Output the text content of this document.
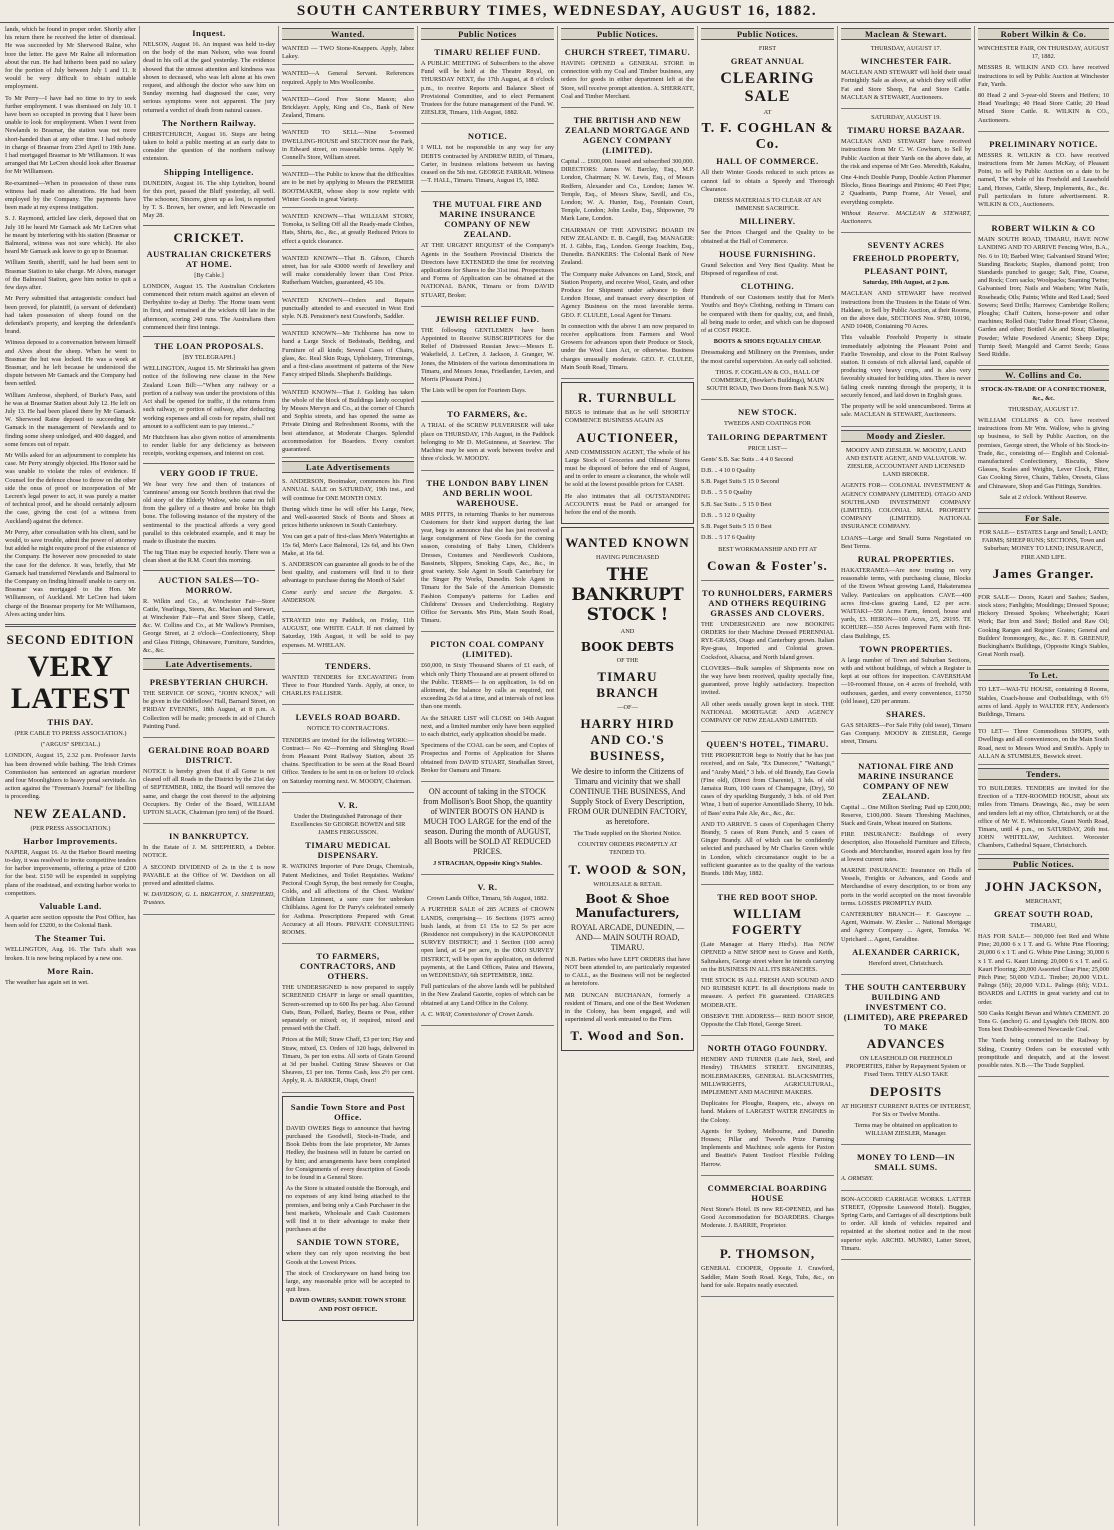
SOUTH CANTERBURY TIMES, WEDNESDAY, AUGUST 16, 1882.

lands, which he found in proper order. Shortly after his return there he received the letter of dismissal. He was succeeded by Mr Sherwood Ralne, who bore the letter. He gave Mr Ralne all information about the run. He had hitherto been paid no salary for the portion of July between July 1 and 11. It would be very difficult to obtain suitable employment.

To Mr Perry—I have had no time to try to seek further employment. I was dismissed on July 10. I have been so occupied in proving that I have been unable to look for employment. When I went from Newlands to Brasmar, the station was not more short-handed than at any other time. I had nobody in charge of Brasmar from 23rd April to 19th June. I had mortgaged Brasmar to Mr Williamson. It was arranged that Mr LeCren should look after Brasmar for Mr Williamson.

Re-examined—When in possession of these runs witness had made no alterations. He had been employed by the Company. The payments have been made at my express instigation.

S. J. Raymond, articled law clerk, deposed that on July 18 he heard Mr Gamack ask Mr LeCren what he meant by interfering with his station (Brasmar or Balmoral, witness was not sure which). He also heard Mr Gamack ask leave to go up to Brasmar.

William Smith, sheriff, said he had been sent to Brasmar Station to take charge. Mr Alves, manager of the Balmoral Station, gave him notice to quit a few days after.

Mr Perry submitted that antagonistic conduct had been proved, for plaintiff, (a servant of defendant) had taken possession of sheep found on the defendant's property, and keeping the defendant's brand.

Witness deposed to a conversation between himself and Alves about the sheep. When he went to Brasmar the hut was locked. He was a week at Brasmar, and he left because he understood the dispute between Mr Gamack and the Company had been settled.

William Ambrose, shepherd, of Burke's Pass, said he was at Brasmar Station about July 12. He left on July 13. He had been placed there by Mr Gamack. W. Sherwood Raine deposed to succeeding Mr Gamack in the management of Newlands and to finding some sheep unlodged, and 400 dagged, and some fences out of repair.

Mr Wills asked for an adjournment to complete his case. Mr Perry strongly objected. His Honor said he was unable to violate the rules of evidence. If Counsel for the defence chose to throw on the other side the onus of proof or incorporation of Mr Lecren's legal power to act, it was purely a matter of technical proof, and he should certainly adjourn the case, giving the cost (of a witness from Auckland) against the defence.

Mr Perry, after consultation with his client, said he would, to save trouble, admit the power of attorney but added he might require proof of the existence of the Company. He however now proceeded to state the case for the defence. It was, briefly, that Mr Gamack had transferred Newlands and Balmoral to the Company on finding himself unable to carry on. Brasmar was mortgaged to the Hon. Mr Williamson, of Auckland. Mr LeCren had taken charge of the Brasmar property for Mr Williamson, Alves acting under him.

SECOND EDITION
VERY LATEST
THIS DAY.

(PER CABLE TO PRESS ASSOCIATION.)

("ARGUS" SPECIAL.)

LONDON, August 15, 2.32 p.m. Professor Jarvis has been drowned while bathing. The Irish Crimes Commission has sentenced an agrarian murderer and four Moonlighters to heavy penal servitude. An action against the "Freeman's Journal" for libelling is proceeding.

NEW ZEALAND.

(PER PRESS ASSOCIATION.)

Harbor Improvements.

NAPIER, August 16. At the Harbor Board meeting to-day, it was resolved to invite competitive tenders for harbor improvements, offering a prize of £200 for the best. £150 will be expended in supplying plans of the roadstead, and existing harbor works to competitors.

Valuable Land.

A quarter acre section opposite the Post Office, has been sold for £3200, to the Colonial Bank.

The Steamer Tui.

WELLINGTON, Aug. 16. The Tui's shaft was broken. It is now being replaced by a new one.

More Rain.

The weather has again set in wet.

Inquest.

NELSON, August 16. An inquest was held to-day on the body of the man Nelson, who was found dead in his cell at the gaol yesterday. The evidence showed that the utmost attention and kindness was shown to deceased, who was left alone at his own request, and although the doctor who saw him on Sunday morning had diagnosed the case, very serious symptoms were not apparent. The jury returned a verdict of death from natural causes.

The Northern Railway.

CHRISTCHURCH, August 16. Steps are being taken to hold a public meeting at an early date to consider the question of the northern railway extension.

Shipping Intelligence.

DUNEDIN, August 16. The ship Lyttelton, bound for this port, passed the Bluff yesterday, all well. The schooner, Sincere, given up as lost, is reported by T. S. Brown, her owner, and left Newcastle on May 28.

CRICKET.
AUSTRALIAN CRICKETERS AT HOME.

[By Cable.]

LONDON, August 15. The Australian Cricketers commenced their return match against an eleven of Derbyshire to-day at Derby. The Home team went in first, and remained at the wickets till late in the afternoon, scoring 240 runs. The Australians then commenced their first innings.

THE LOAN PROPOSALS.

[BY TELEGRAPH.]

WELLINGTON, August 15. Mr Shrimski has given notice of the following new clause in the New Zealand Loan Bill:—"When any railway or a portion of a railway was under the provisions of this Act shall be opened for traffic, if the returns from such railway, or portion of railway, after deducting working expenses and all costs for repairs, shall not amount to a sufficient sum to pay interest..."

Mr Hutchison has also given notice of amendments to render liable for any deficiency as between receipts, working expenses, and interest on cost.

VERY GOOD IF TRUE.

We hear very few and then of instances of 'canniness' among our Scotch brethren that rival the old story of the Elderly Widow, who came on fell from the gallery of a theatre and broke his thigh bone. The following instance of the mystery of the sentimental to the practical affords a very good parallel to this celebrated example, and it may be made to illustrate the maxim.

The tug Titan may be expected hourly. There was a clean sheet at the R.M. Court this morning.

AUCTION SALES—TO-MORROW.

R. Wilkin and Co., at Winchester Fair—Store Cattle, Yearlings, Steers, &c. Maclean and Stewart, at Winchester Fair—Fat and Store Sheep, Cattle, &c. W. Collins and Co., at Mr Wallow's Premises, George Street, at 2 o'clock—Confectionery, Shop and Glass Fittings, Ohinaware, Furniture, Sundries, &c., &c.

Late Advertisements.
PRESBYTERIAN CHURCH.

THE SERVICE OF SONG, "JOHN KNOX," will be given in the Oddfellows' Hall, Barnard Street, on FRIDAY EVENING, 18th August, at 8 p.m. A Collection will be made; proceeds in aid of Church Painting Fund.

GERALDINE ROAD BOARD DISTRICT.

NOTICE is hereby given that if all Gorse is not cleared off all Roads in the District by the 21st day of SEPTEMBER, 1882, the Board will remove the same, and charge the cost thereof to the adjoining Occupiers. By Order of the Board, WILLIAM UPTON SLACK, Chairman (pro tem) of the Board.

IN BANKRUPTCY.

In the Estate of J. M. SHEPHERD, a Debtor. NOTICE.

A SECOND DIVIDEND of 2s in the £ is now PAYABLE at the Office of W. Davidson on all proved and admitted claims.

W. DAVIDSON, G. L. BRIGHTON, J. SHEPHERD, Trustees.

Wanted.

WANTED — TWO Stone-Knappers. Apply, Jabez Lakey.

WANTED—A General Servant. References required. Apply to Mrs Woollcombe.

WANTED—Good Free Stone Mason; also Bricklayer. Apply, King and Co., Bank of New Zealand, Timaru.

WANTED TO SELL—Nine 5-roomed DWELLING-HOUSE and SECTION near the Park, in Edward street, on reasonable terms. Apply W. Connell's Store, William street.

WANTED—The Public to know that the difficulties are to be met by applying to Messrs the PREMIER BOOTMAKER, whose shop is now replete with Winter Goods in great Variety.

WANTED KNOWN—That WILLIAM STORY, Tomoka, is Selling Off all the Ready-made Clothes, Hats, Shirts, &c., &c., at greatly Reduced Prices to effect a quick clearance.

WANTED KNOWN—That B. Gibson, Church street, has for sale 43000 worth of Jewellery and will make considerably lower than Cost Price. Rutherham Watches, guaranteed, 45 10s.

WANTED KNOWN—Orders and Repairs punctually attended to and executed in West End style. N.B. Pensioner's next Crawford's, Saddler.

WANTED KNOWN—Mr Tichborne has now to hand a Large Stock of Bedsteads, Bedding, and Furniture of all kinds; Several Cases of Chairs, glass, &c. Real Skin Rugs, Upholstery, Trimmings, and a first-class assortment of patterns of the New Fancy striped Blinds. Shepherd's Buildings.

WANTED KNOWN—That J. Golding has taken the whole of the block of Buildings lately occupied by Messrs Mervyn and Co., at the corner of Church and Sophia streets, and has opened the same as Private Dining and Refreshment Rooms, with the best attendance, at Moderate Charges. Splendid accommodation for Boarders. Every comfort guaranteed.

Late Advertisements

S. ANDERSON, Bootmaker, commences his First ANNUAL SALE on SATURDAY, 19th inst., and will continue for ONE MONTH ONLY.

During which time he will offer his Large, New, and Well-assorted Stock of Boots and Shoes at prices hitherto unknown in South Canterbury.

You can get a pair of first-class Men's Watertights at 15s 6d, Men's Lace Balmoral, 12s 6d, and his Own Make, at 16s 6d.

S. ANDERSON can guarantee all goods to be of the best quality, and customers will find it to their advantage to purchase during the Month of Sale!

Come early and secure the Bargains. S. ANDERSON.

STRAYED into my Paddock, on Friday, 11th AUGUST, one WHITE CALF. If not claimed by Saturday, 19th August, it will be sold to pay expenses. M. WHELAN.

TENDERS.

WANTED TENDERS for EXCAVATING from Three to Four Hundred Yards. Apply, at once, to CHARLES FALLISER.

LEVELS ROAD BOARD.

NOTICE TO CONTRACTORS.

TENDERS are invited for the following WORK:— Contract— No 42—Forming and Shingling Road from Pleasant Point Railway Station, about 35 chains. Specification to be seen at the Road Board Office. Tenders to be sent in on or before 10 o'clock on Saturday morning next. W. MOODY, Chairman.

V. R.

Under the Distinguished Patronage of their Excellencies Sir GEORGE BOWEN and SIR JAMES FERGUSSON.

TIMARU MEDICAL DISPENSARY.

R. WATKINS Importer of Pure Drugs, Chemicals, Patent Medicines, and Toilet Requisites. Watkins' Pectoral Cough Syrup, the best remedy for Coughs, Colds, and all affections of the Chest. Watkins' Chilblain Liniment, a sure cure for unbroken Chilblains. Agent for Dr Parry's celebrated remedy for Asthma. Prescriptions Prepared with Great Accuracy at all Hours. PRIVATE CONSULTING ROOMS.

TO FARMERS, CONTRACTORS, AND OTHERS.

THE UNDERSIGNED is now prepared to supply SCREENED CHAFF in large or small quantities, Screen-screened up to 600 lbs per bag. Also Ground Oats, Bran, Pollard, Barley, Beans or Peas, either separately or mixed; or, if required, mixed and pressed with the Chaff.

Prices at the Mill; Straw Chaff, £3 per ton; Hay and Straw, mixed, £3. Orders of 120 bags, delivered in Timaru, 3s per ton extra. All sorts of Grain Ground at 3d per bushel. Cutting Straw Sheaves or Oat Sheaves, £1 per ton. Terms Cash, less 2½ per cent. Apply, R. A. BARKER, Otapi, Orari!

Sandie Town Store and Post Office.

DAVID OWERS Begs to announce that having purchased the Goodwill, Stock-in-Trade, and Book Debts from the late proprietor, Mr James Hedley, the business will in future be carried on by him; and arrangements have been completed for Consignments of every description of Goods to be found in a General Store.

As the Store is situated outside the Borough, and no expenses of any kind being attached to the premises, and being only a Cash Purchaser in the best markets, Wholesale and Cash Customers will find it to their advantage to make their purchases at the

SANDIE TOWN STORE,

where they can rely upon receiving the best Goods at the Lowest Prices.

The stock of Crockeryware on hand being too large, any reasonable price will be accepted to quit lines.

DAVID OWERS; SANDIE TOWN STORE AND POST OFFICE.

Public Notices
TIMARU RELIEF FUND.

A PUBLIC MEETING of Subscribers to the above Fund will be held at the Theatre Royal, on THURSDAY NEXT, the 17th August, at 8 o'clock p.m., to receive Reports and Balance Sheet of Provisional Committee, and to elect Permanent Trustees for the future management of the Fund. W. ZIESLER, Timaru, 11th August, 1882.

NOTICE.

I WILL not be responsible in any way for any DEBTS contracted by ANDREW REID, of Timaru, Carter, in business relations between us having ceased on the 5th inst. GEORGE FARRAR. Witness—T. HALL, Timaru. Timaru, August 15, 1882.

THE MUTUAL FIRE AND MARINE INSURANCE COMPANY OF NEW ZEALAND.

AT THE URGENT REQUEST of the Company's Agents in the Southern Provincial Districts the Directors have EXTENDED the time for receiving applications for Shares to the 31st inst. Prospectuses and Forms of Application can be obtained at the NATIONAL BANK, Timaru or from DAVID STUART, Broker.

JEWISH RELIEF FUND.

THE following GENTLEMEN have been Appointed to Receive SUBSCRIPTIONS for the Relief of Distressed Russian Jews:—Messrs E. Wakefield, J. LeCren, J. Jackson, J. Granger, W. Jones, the Ministers of the various denominations in Timaru, and Messrs Jonas, Friedlander, Levien, and Morris (Pleasant Point.)

The Lists will be open for Fourteen Days.

TO FARMERS, &c.

A TRIAL of the SCREW PULVERISER will take place on THURSDAY, 17th August, in the Paddock belonging to Mr D. McGuinness, at Seaview. The Machine may be seen at work between twelve and three o'clock. W. MOODY.

THE LONDON BABY LINEN AND BERLIN WOOL WAREHOUSE.

MRS PITTS, in returning Thanks to her numerous Customers for their kind support during the last year, begs to announce that she has just received a large consignment of New Goods for the coming season, consisting of Baby Linen, Children's Dresses, Costumes and Needlework Cushions, Bassinets, Slippers, Smoking Caps, &c., &c., in great variety. Sole Agent in South Canterbury for the Singer Pty Works, Dunedin. Sole Agent in Timaru for the Sale of the American Domestic Fashion Company's patterns for Ladies and Childrens' Dresses and Underclothing. Registry Office for Servants. Mrs Pitts, Main South Road, Timaru.

PICTON COAL COMPANY (LIMITED).

£60,000, in Sixty Thousand Shares of £1 each, of which only Thirty Thousand are at present offered to the Public. TERMS— Is on application, 1s 6d on allotment, the balance by calls as required, not exceeding 2s 6d at a time, and at intervals of not less than one month.

As the SHARE LIST will CLOSE on 14th August next, and a limited number only have been supplied to each district, early application should be made.

Specimens of the COAL can be seen, and Copies of Prospectus and Forms of Application for Shares obtained from DAVID STUART, Strathallan Street, Broker for Oamaru and Timaru.

ON account of taking in the STOCK from Mollison's Boot Shop, the quantity of WINTER BOOTS ON HAND is MUCH TOO LARGE for the end of the season. During the month of AUGUST, all Boots will be SOLD AT REDUCED PRICES.

J STRACHAN, Opposite King's Stables.

V. R.

Crown Lands Office, Timaru, 5th August, 1882.

A FURTHER SALE of 285 ACRES of CROWN LANDS, comprising— 16 Sections (1975 acres) bush lands, at from £1 15s to £2 5s per acre (Residence not compulsory) in the KAUPOKONUI SURVEY DISTRICT; and 1 Section (100 acres) open land, at £4 per acre, in the OKO SURVEY DISTRICT, will be open for application, on deferred payments, at the Land Offices, Patea and Hawera, on WEDNESDAY, 6th SEPTEMBER, 1882.

Full particulars of the above lands will be published in the New Zealand Gazette, copies of which can be obtained at any Land Office in the Colony.

A. C. WRAY, Commissioner of Crown Lands.

Public Notices.
CHURCH STREET, TIMARU.

HAVING OPENED a GENERAL STORE in connection with my Coal and Timber business, any orders for goods in either department left at the Store, will receive prompt attention. A. SHERRATT, Coal and Timber Merchant.

THE BRITISH AND NEW ZEALAND MORTGAGE AND AGENCY COMPANY (LIMITED).

Capital ... £600,000. Issued and subscribed 300,000. DIRECTORS: James W. Barclay, Esq., M.P. London, Chairman; N. W. Lewis, Esq., of Messrs Redfern, Alexander and Co., London; James W. Temple, Esq., of Messrs Shaw, Savill, and Co., London; W. A. Hunter, Esq., Fountain Court, Temple, London; John Leslie, Esq., Shipowner, 79 Mark Lane, London.

CHAIRMAN OF THE ADVISING BOARD IN NEW ZEALAND: E. B. Cargill, Esq. MANAGER: H. J. Gibbs, Esq., London. George Joachim, Esq., Dunedin. BANKERS: The Colonial Bank of New Zealand.

The Company make Advances on Land, Stock, and Station Property, and receive Wool, Grain, and other Produce for Shipment under advance to their London House, and transact every description of Agency Business on the most favorable terms. GEO. F. CLULEE, Local Agent for Timaru.

In connection with the above I am now prepared to receive applications from Farmers and Wool Growers for advances upon their Produce or Stock, under the Wool Lien Act, or otherwise. Business charges unusually moderate. GEO. F. CLULEE, Main South Road, Timaru.

R. TURNBULL

BEGS to intimate that as he will SHORTLY COMMENCE BUSINESS AGAIN AS

AUCTIONEER,

AND COMMISSION AGENT, The whole of his Large Stock of Groceries and Oilmens' Stores must be disposed of before the end of August, and in order to ensure a clearance, the whole will be sold at the lowest possible prices for CASH.

He also intimates that all OUTSTANDING ACCOUNTS must be Paid or arranged for before the end of the month.

WANTED KNOWN

HAVING PURCHASED

THE BANKRUPT STOCK !

AND

BOOK DEBTS

OF THE

TIMARU BRANCH

—OF—

HARRY HIRD AND CO.'S BUSINESS,

We desire to inform the Citizens of Timaru and vicinity that we shall CONTINUE THE BUSINESS, And Supply Stock of Every Description, FROM OUR DUNEDIN FACTORY, as heretofore.

The Trade supplied on the Shortest Notice.

COUNTRY ORDERS PROMPTLY AT TENDED TO.

T. WOOD & SON,

WHOLESALE & RETAIL

Boot & Shoe Manufacturers,

ROYAL ARCADE, DUNEDIN, —AND— MAIN SOUTH ROAD, TIMARU.

N.B. Parties who have LEFT ORDERS that have NOT been attended to, are particularly requested to CALL, as the Business will not be neglected as heretofore.

MR DUNCAN BUCHANAN, formerly a resident of Timaru, and one of the Best Workmen in the Colony, has been engaged, and will superintend all work entrusted to the Firm.

T. Wood and Son.
Public Notices.

FIRST

GREAT ANNUAL
CLEARING SALE

AT

T. F. COGHLAN & Co.
HALL OF COMMERCE.

All their Winter Goods reduced to such prices as cannot fail to obtain a Speedy and Thorough Clearance.

DRESS MATERIALS TO CLEAR AT AN IMMENSE SACRIFICE.

MILLINERY.

See the Prices Charged and the Quality to be obtained at the Hall of Commerce.

HOUSE FURNISHING.

Grand Selection and Very Best Quality. Must be Disposed of regardless of cost.

CLOTHING.

Hundreds of our Customers testify that for Men's Youth's and Boy's Clothing, nothing in Timaru can be compared with them for quality, cut, and finish, all being made to order, and which can be disposed of at COST PRICE.

BOOTS & SHOES EQUALLY CHEAP.

Dressmaking and Millinery on the Premises, under the most careful supervision. An early call solicited.

THOS. F. COGHLAN & CO., HALL OF COMMERCE, (Bowker's Buildings), MAIN SOUTH ROAD, Two Doors from Bank N.S.W.)

NEW STOCK.

TWEEDS AND COATINGS FOR

TAILORING DEPARTMENT

PRICE LIST—

Gents' S.B. Sac Suits .. 4 4 0 Second

D.B. .. 4 10 0 Quality

S.B. Paget Suits 5 15 0 Second

D.B. .. 5 5 0 Quality

S.B. Sac Suits .. 5 15 0 Best

D.B. .. 5 12 0 Quality

S.B. Paget Suits 5 15 0 Best

D.B. .. 5 17 6 Quality

BEST WORKMANSHIP AND FIT AT

Cowan & Foster's.
TO RUNHOLDERS, FARMERS AND OTHERS REQUIRING GRASSES AND CLOVERS.

THE UNDERSIGNED are now BOOKING ORDERS for their Machine Dressed PERENNIAL RYE-GRASS, Otago and Canterbury grown. Italian Rye-grass, Imported and Colonial grown. Cocksfoot, Alsacsa, and North Island grown.

CLOVERS—Bulk samples of Shipments now on the way have been received, quality specially fine, guaranteed, prove highly satisfactory. Inspection invited.

All other seeds usually grown kept in stock. THE NATIONAL MORTGAGE AND AGENCY COMPANY OF NEW ZEALAND LIMITED.

QUEEN'S HOTEL, TIMARU.

THE PROPRIETOR begs to Notify that he has just received, and on Sale, "Ex Dunecore," "Waitangi," and "Araby Maid," 3 hds. of old Brandy, Eau Gowla (Fine old), (Direct from Charente), 3 hds. of old Jamaica Rum, 100 cases of Champagne, (Dry), 50 cases of dry sparkling Burgundy, 3 hds. of old Port Wine, 1 butt of superior Amontillado Sherry, 10 hds. of Bass' extra Pale Ale, &c., &c., &c.

AND TO ARRIVE. 5 cases of Copenhagen Cherry Brandy, 5 cases of Rum Punch, and 5 cases of Ginger Brandy. All of which can be confidently selected and purchased by Mr Charles Green while in London, which circumstance ought to be a sufficient guarantee as to the quality of the various Brands. 18th May, 1882.

THE RED BOOT SHOP.
WILLIAM FOGERTY

(Late Manager at Harry Hird's). Has NOW OPENED a NEW SHOP next to Grave and Keith, Saltmakers, George street where he intends carrying on the BUSINESS IN ALL ITS BRANCHES.

THE STOCK IS ALL FRESH AND SOUND AND NO RUBBISH KEPT. In all descriptions made to measure. A perfect Fit guaranteed. CHARGES MODERATE.

OBSERVE THE ADDRESS— RED BOOT SHOP, Opposite the Club Hotel, George Street.

NORTH OTAGO FOUNDRY.

HENDRY AND TURNER (Late Jack, Steel, and Hendry) THAMES STREET. ENGINEERS, BOILERMAKERS, GENERAL BLACKSMITHS, MILLWRIGHTS, AGRICULTURAL, IMPLEMENT AND MACHINE MAKERS.

Duplicates for Ploughs, Reapers, etc., always on hand. Makers of LARGEST WATER ENGINES in the Colony.

Agents for Sydney, Melbourne, and Dunedin Houses; Pillar and Tweed's Prize Farming Implements and Machines; sole agents for Paxton and Beattie's Patent Testfoot Flexible Folding Harrow.

COMMERCIAL BOARDING HOUSE

Next Stone's Hotel. IS now RE-OPENED, and has Good Accommodation for BOARDERS. Charges Moderate. J. BARRIE, Proprietor.

P. THOMSON,

GENERAL COOPER, Opposite J. Crawford, Saddler, Main South Road. Kegs, Tubs, &c., on hand for sale. Repairs neatly executed.

Maclean & Stewart.

THURSDAY, AUGUST 17.

WINCHESTER FAIR.

MACLEAN AND STEWART will hold their usual Fortnightly Sale as above, at which they will offer Fat and Store Sheep, Fat and Store Cattle. MACLEAN & STEWART, Auctioneers.

SATURDAY, AUGUST 19.

TIMARU HORSE BAZAAR.

MACLEAN AND STEWART have received instructions from Mr C. W. Cowburn, to Sell by Public Auction at their Yards on the above date, at the risk and expense of Mr Geo. Meredith, Kakahu,

One 4-inch Double Pump, Double Action Plummer Blocks, Brass Bearings and Pinions; 40 Feet Pipe; 2 Quadrants, Pump Frame, Air Vessel, and everything complete.

Without Reserve. MACLEAN & STEWART, Auctioneers.

SEVENTY ACRES
FREEHOLD PROPERTY,
PLEASANT POINT,

Saturday, 19th August, at 2 p.m.

MACLEAN AND STEWART have received instructions from the Trustees in the Estate of Wm. Haldane, to Sell by Public Auction, at their Rooms, on the above date, SECTIONS Nos. 9780, 10196, AND 10408, Containing 70 Acres.

This valuable Freehold Property is situate immediately adjoining the Pleasant Point and Fairlie Township, and close to the Point Railway station. It consists of rich alluvial land, capable of producing very heavy crops, and is also very favorably situated for building sites. There is never failing creek running through the property, it is securely fenced, and laid down in English grass.

The property will be sold unencumbered. Terms at sale. MACLEAN & STEWART, Auctioneers.

Moody and Ziesler.

MOODY AND ZIESLER. W. MOODY, LAND AND ESTATE AGENT, AND VALUATOR. W. ZIESLER, ACCOUNTANT AND LICENSED LAND BROKER.

AGENTS FOR— COLONIAL INVESTMENT & AGENCY COMPANY (LIMITED). OTAGO AND SOUTHLAND INVESTMENT COMPANY (LIMITED). COLONIAL REAL PROPERTY COMPANY (LIMITED). NATIONAL INSURANCE COMPANY.

LOANS—Large and Small Sums Negotiated on Best Terms.

RURAL PROPERTIES.

HAKATERAMEA—Are now treating on very reasonable terms, with purchasing clause, Blocks of the Eiwon Wheat growing Land, Hakateramea Valley. Particulars on application. CAVE—400 acres first-class grazing Land, £2 per acre. WAITAKI—550 Acres Farm, fenced, house and yards, £3. HERON—100 Acres, 2/5, 29195. TE KOHURE—350 Acres Improved Farm with first-class Buildings, £5.

TOWN PROPERTIES.

A large number of Town and Suburban Sections, with and without buildings, of which a Register is kept at our offices for inspection. CAVERSHAM—10-roomed House, on 4 acres of freehold, with outhouses, garden, and every convenience, £1750 (old lease), £20 per annum.

SHARES.

GAS SHARES—For Sale Fifty (old issue), Timaru Gas Company. MOODY & ZIESLER, George street, Timaru.

NATIONAL FIRE AND MARINE INSURANCE COMPANY OF NEW ZEALAND.

Capital ... One Million Sterling; Paid up £200,000; Reserve, £100,000. Steam Threshing Machines, Stack and Grain, Wheat insured on Stations.

FIRE INSURANCE: Buildings of every description, also Household Furniture and Effects, Goods and Merchandise, insured again loss by fire at lowest current rates.

MARINE INSURANCE: Insurance on Hulls of Vessels, Freights or Advances, and Goods and Merchandise of every description, to or from any ports in the world accepted on the most favorable terms. LOSSES PROMPTLY PAID.

CANTERBURY BRANCH— F. Gascoyne ... Agent, Waimate. W. Ziesler ... National Mortgage and Agency Company ... Agent, Temuka. W. Uprichard ... Agent, Geraldine.

ALEXANDER CARRICK,

Hereford street, Christchurch.

THE SOUTH CANTERBURY BUILDING AND INVESTMENT CO. (LIMITED), ARE PREPARED TO MAKE
ADVANCES

ON LEASEHOLD OR FREEHOLD PROPERTIES, Either by Repayment System or Fixed Term. THEY ALSO TAKE

DEPOSITS

AT HIGHEST CURRENT RATES OF INTEREST, For Six or Twelve Months.

Terms may be obtained on application to WILLIAM ZIESLER, Manager.

MONEY TO LEND—IN SMALL SUMS.

A. ORMSBY.

BON-ACCORD CARRIAGE WORKS. LATTER STREET, (Opposite Leaswood Hotel). Buggies, Spring Carts, and Carriages of all descriptions built to order. All kinds of vehicles repaired and repainted at the shortest notice and in the most superior style. ARCHD. MUNRO, Latter Street, Timaru.

Robert Wilkin & Co.

WINCHESTER FAIR, ON THURSDAY, AUGUST 17, 1882.

MESSRS R. WILKIN AND CO. have received instructions to sell by Public Auction at Winchester Fair, Yards.

80 Head 2 and 3-year-old Steers and Heifers; 10 Head Yearlings; 40 Head Store Cattle; 20 Head Mixed Store Cattle. R. WILKIN & CO., Auctioneers.

PRELIMINARY NOTICE.

MESSRS R. WILKIN & CO. have received instructions from Mr James McKay, of Pleasant Point, to sell by Public Auction on a date to be named, The whole of his Freehold and Leasehold Land, Horses, Cattle, Sheep, Implements, &c., &c. Full particulars in future advertisement. R. WILKIN & CO., Auctioneers.

ROBERT WILKIN & CO

MAIN SOUTH ROAD, TIMARU, HAVE NOW LANDING AND TO ARRIVE Fencing Wire, B.A., No. 6 to 10; Barbed Wire; Galvanised Strand Wire; Standing Brackets; Staples, diamond point; Iron Standards punched to gauge; Salt, Fine, Coarse, and Rock; Corn sacks; Woolpacks; Seaming Twine; Galvanised Iron; Nails and Washers; Wire Nails, Roseheads; Oils; Paints; White and Red Lead; Seed Sowers; Seed Drills; Harrows; Cambridge Rollers; Ploughs; Chaff Cutters, horse-power and other machines; Rolled Oats; Tudor Bread Flour; Cheese, Garden and other; Bottled Ale and Stout; Blasting Powder; White Powdered Arsenic; Sheep Dips; Turnip Seed; Mangold and Carrot Seeds; Grass Seed Riddle.

W. Collins and Co.

STOCK-IN-TRADE OF A CONFECTIONER, &c., &c.

THURSDAY, AUGUST 17.

WILLIAM COLLINS & CO. have received instructions from Mr Wm. Wallow, who is giving up business, to Sell by Public Auction, on the premises, George street, the Whole of his Stock-in-Trade, &c., consisting of— English and Colonial-manufactured Confectionery, Biscuits, Show Glasses, Scales and Weights, Lever Clock, Fitter, Gas Cooking Stove, Chairs, Tables, Oresets, Glass and Chinaware, Shop and Gas Fittings, Sundries.

Sale at 2 o'clock. Without Reserve.

For Sale.

FOR SALE— ESTATES Large and Small; LAND; FARMS; SHEEP RUNS; SECTIONS, Town and Suburban; MONEY TO LEND; INSURANCE, FIRE AND LIFE.

James Granger.

FOR SALE— Doors, Kauri and Sashes; Sashes, stock sizes; Fanlights; Mouldings; Dressed Spouse; Hickory Dressed Spokes; Wheelwright; Kauri Work; Bar Iron and Steel; Boiled and Raw Oil; Cooking Ranges and Register Grates; General and Builders' Ironmongery, &c., &c. F. B. GREENUP, Buckingham's Buildings, (Opposite King's Stables, Great North road).

To Let.

TO LET—WAI-TU HOUSE, containing 8 Rooms, Stables, Coach-house and Outbuildings, with 6½ acres of land. Apply to WALTER FEY, Anderson's Buildings, Timaru.

TO LET— Three Commodious SHOPS, with Dwellings and all conveniences, on the Main South Road, next to Messrs Wood and Smith's. Apply to ALLAN & STUMBLES, Beswick street.

Tenders.

TO BUILDERS. TENDERS are invited for the Erection of a TEN-ROOMED HOUSE, about six miles from Timaru. Drawings, &c., may be seen and tenders left at my office, Christchurch, or at the office of Mr W. E. Whitcombe, Grant North Road, Timaru, until 4 p.m., on SATURDAY, 26th inst. JOHN WHITELAW, Architect. Worcester Chambers, Cathedral Square, Christchurch.

Public Notices.
JOHN JACKSON,

MERCHANT,

GREAT SOUTH ROAD,

TIMARU,

HAS FOR SALE— 300,000 feet Red and White Pine; 20,000 6 x 1 T. and G. White Pine Flooring; 20,000 6 x 1 T. and G. White Pine Lining; 30,000 6 x 1 T. and G. Kauri Lining; 20,000 6 x 1 T. and G. Kauri Flooring; 20,000 Assorted Clear Pine; 25,000 Pitch Pine; 50,000 V.D.L. Timber; 20,000 V.D.L. Palings (5ft); 20,000 V.D.L. Palings (6ft); V.D.L. BOARDS and LATHS in great variety and cut to order.

500 Casks Knight Bevan and White's CEMENT. 20 Tons G. (anchor) G. and Lysaght's Orb IRON. 800 Tons best Double-screened Newcastle Coal.

The Yards being connected to the Railway by Siding, Country Orders can be executed with promptitude and despatch, and at the lowest possible rates. N.B.—The Trade Supplied.
